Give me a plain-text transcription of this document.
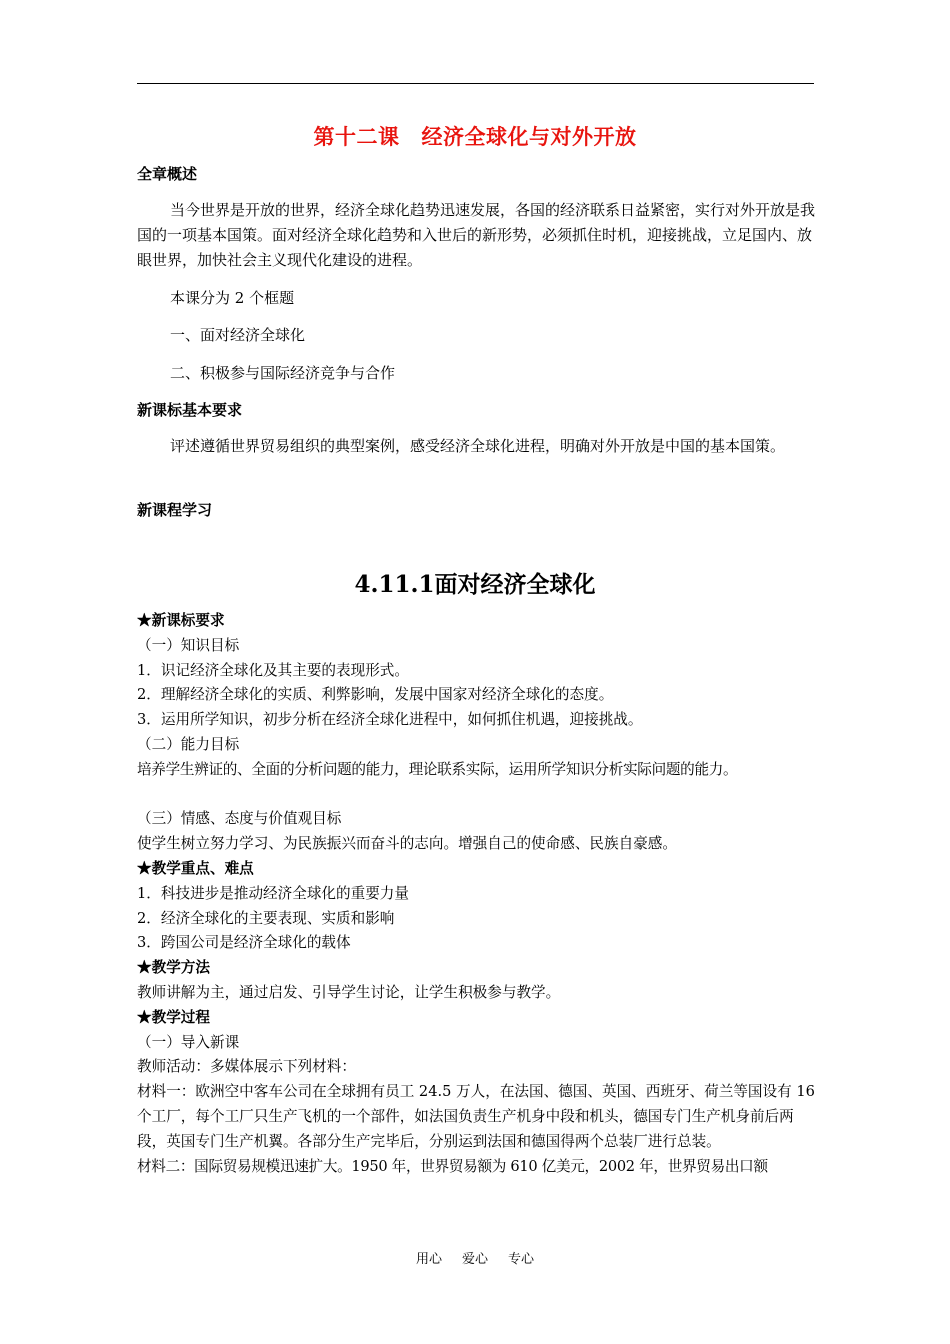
第十二课 经济全球化与对外开放
全章概述
当今世界是开放的世界，经济全球化趋势迅速发展，各国的经济联系日益紧密，实行对外开放是我国的一项基本国策。面对经济全球化趋势和入世后的新形势，必须抓住时机，迎接挑战，立足国内、放眼世界，加快社会主义现代化建设的进程。
本课分为 2 个框题
一、面对经济全球化
二、积极参与国际经济竞争与合作
新课标基本要求
评述遵循世界贸易组织的典型案例，感受经济全球化进程，明确对外开放是中国的基本国策。
新课程学习
4.11.1面对经济全球化
★新课标要求
（一）知识目标
1．识记经济全球化及其主要的表现形式。
2．理解经济全球化的实质、利弊影响，发展中国家对经济全球化的态度。
3．运用所学知识，初步分析在经济全球化进程中，如何抓住机遇，迎接挑战。
（二）能力目标
培养学生辨证的、全面的分析问题的能力，理论联系实际，运用所学知识分析实际问题的能力。
（三）情感、态度与价值观目标
使学生树立努力学习、为民族振兴而奋斗的志向。增强自己的使命感、民族自豪感。
★教学重点、难点
1．科技进步是推动经济全球化的重要力量
2．经济全球化的主要表现、实质和影响
3．跨国公司是经济全球化的载体
★教学方法
教师讲解为主，通过启发、引导学生讨论，让学生积极参与教学。
★教学过程
（一）导入新课
教师活动：多媒体展示下列材料：
材料一：欧洲空中客车公司在全球拥有员工 24.5 万人，在法国、德国、英国、西班牙、荷兰等国设有 16 个工厂，每个工厂只生产飞机的一个部件，如法国负责生产机身中段和机头，德国专门生产机身前后两段，英国专门生产机翼。各部分生产完毕后，分别运到法国和德国得两个总装厂进行总装。
材料二：国际贸易规模迅速扩大。1950 年，世界贸易额为 610 亿美元，2002 年，世界贸易出口额
用心 爱心 专心
